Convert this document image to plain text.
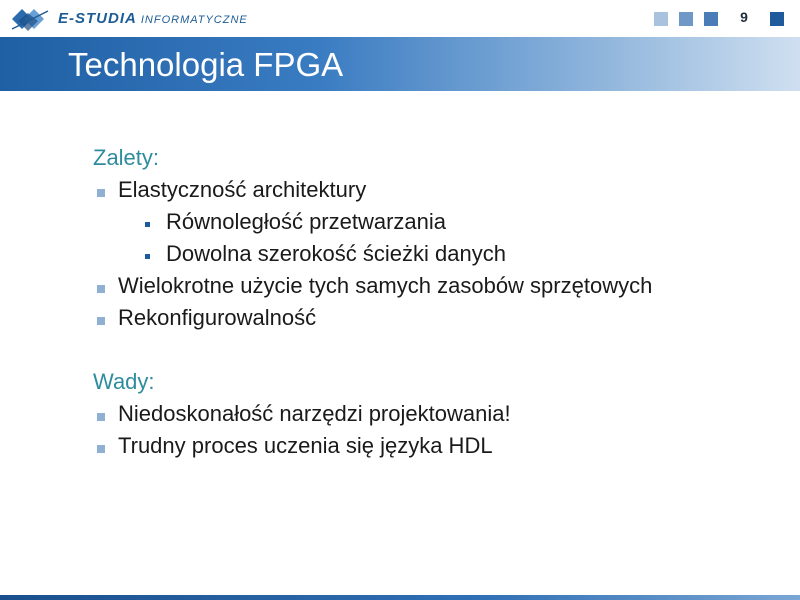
E-STUDIA INFORMATYCZNE	9
Technologia FPGA
Zalety:
Elastyczność architektury
Równoległość przetwarzania
Dowolna szerokość ścieżki danych
Wielokrotne użycie tych samych zasobów sprzętowych
Rekonfigurowalność
Wady:
Niedoskonałość narzędzi projektowania!
Trudny proces uczenia się języka HDL
